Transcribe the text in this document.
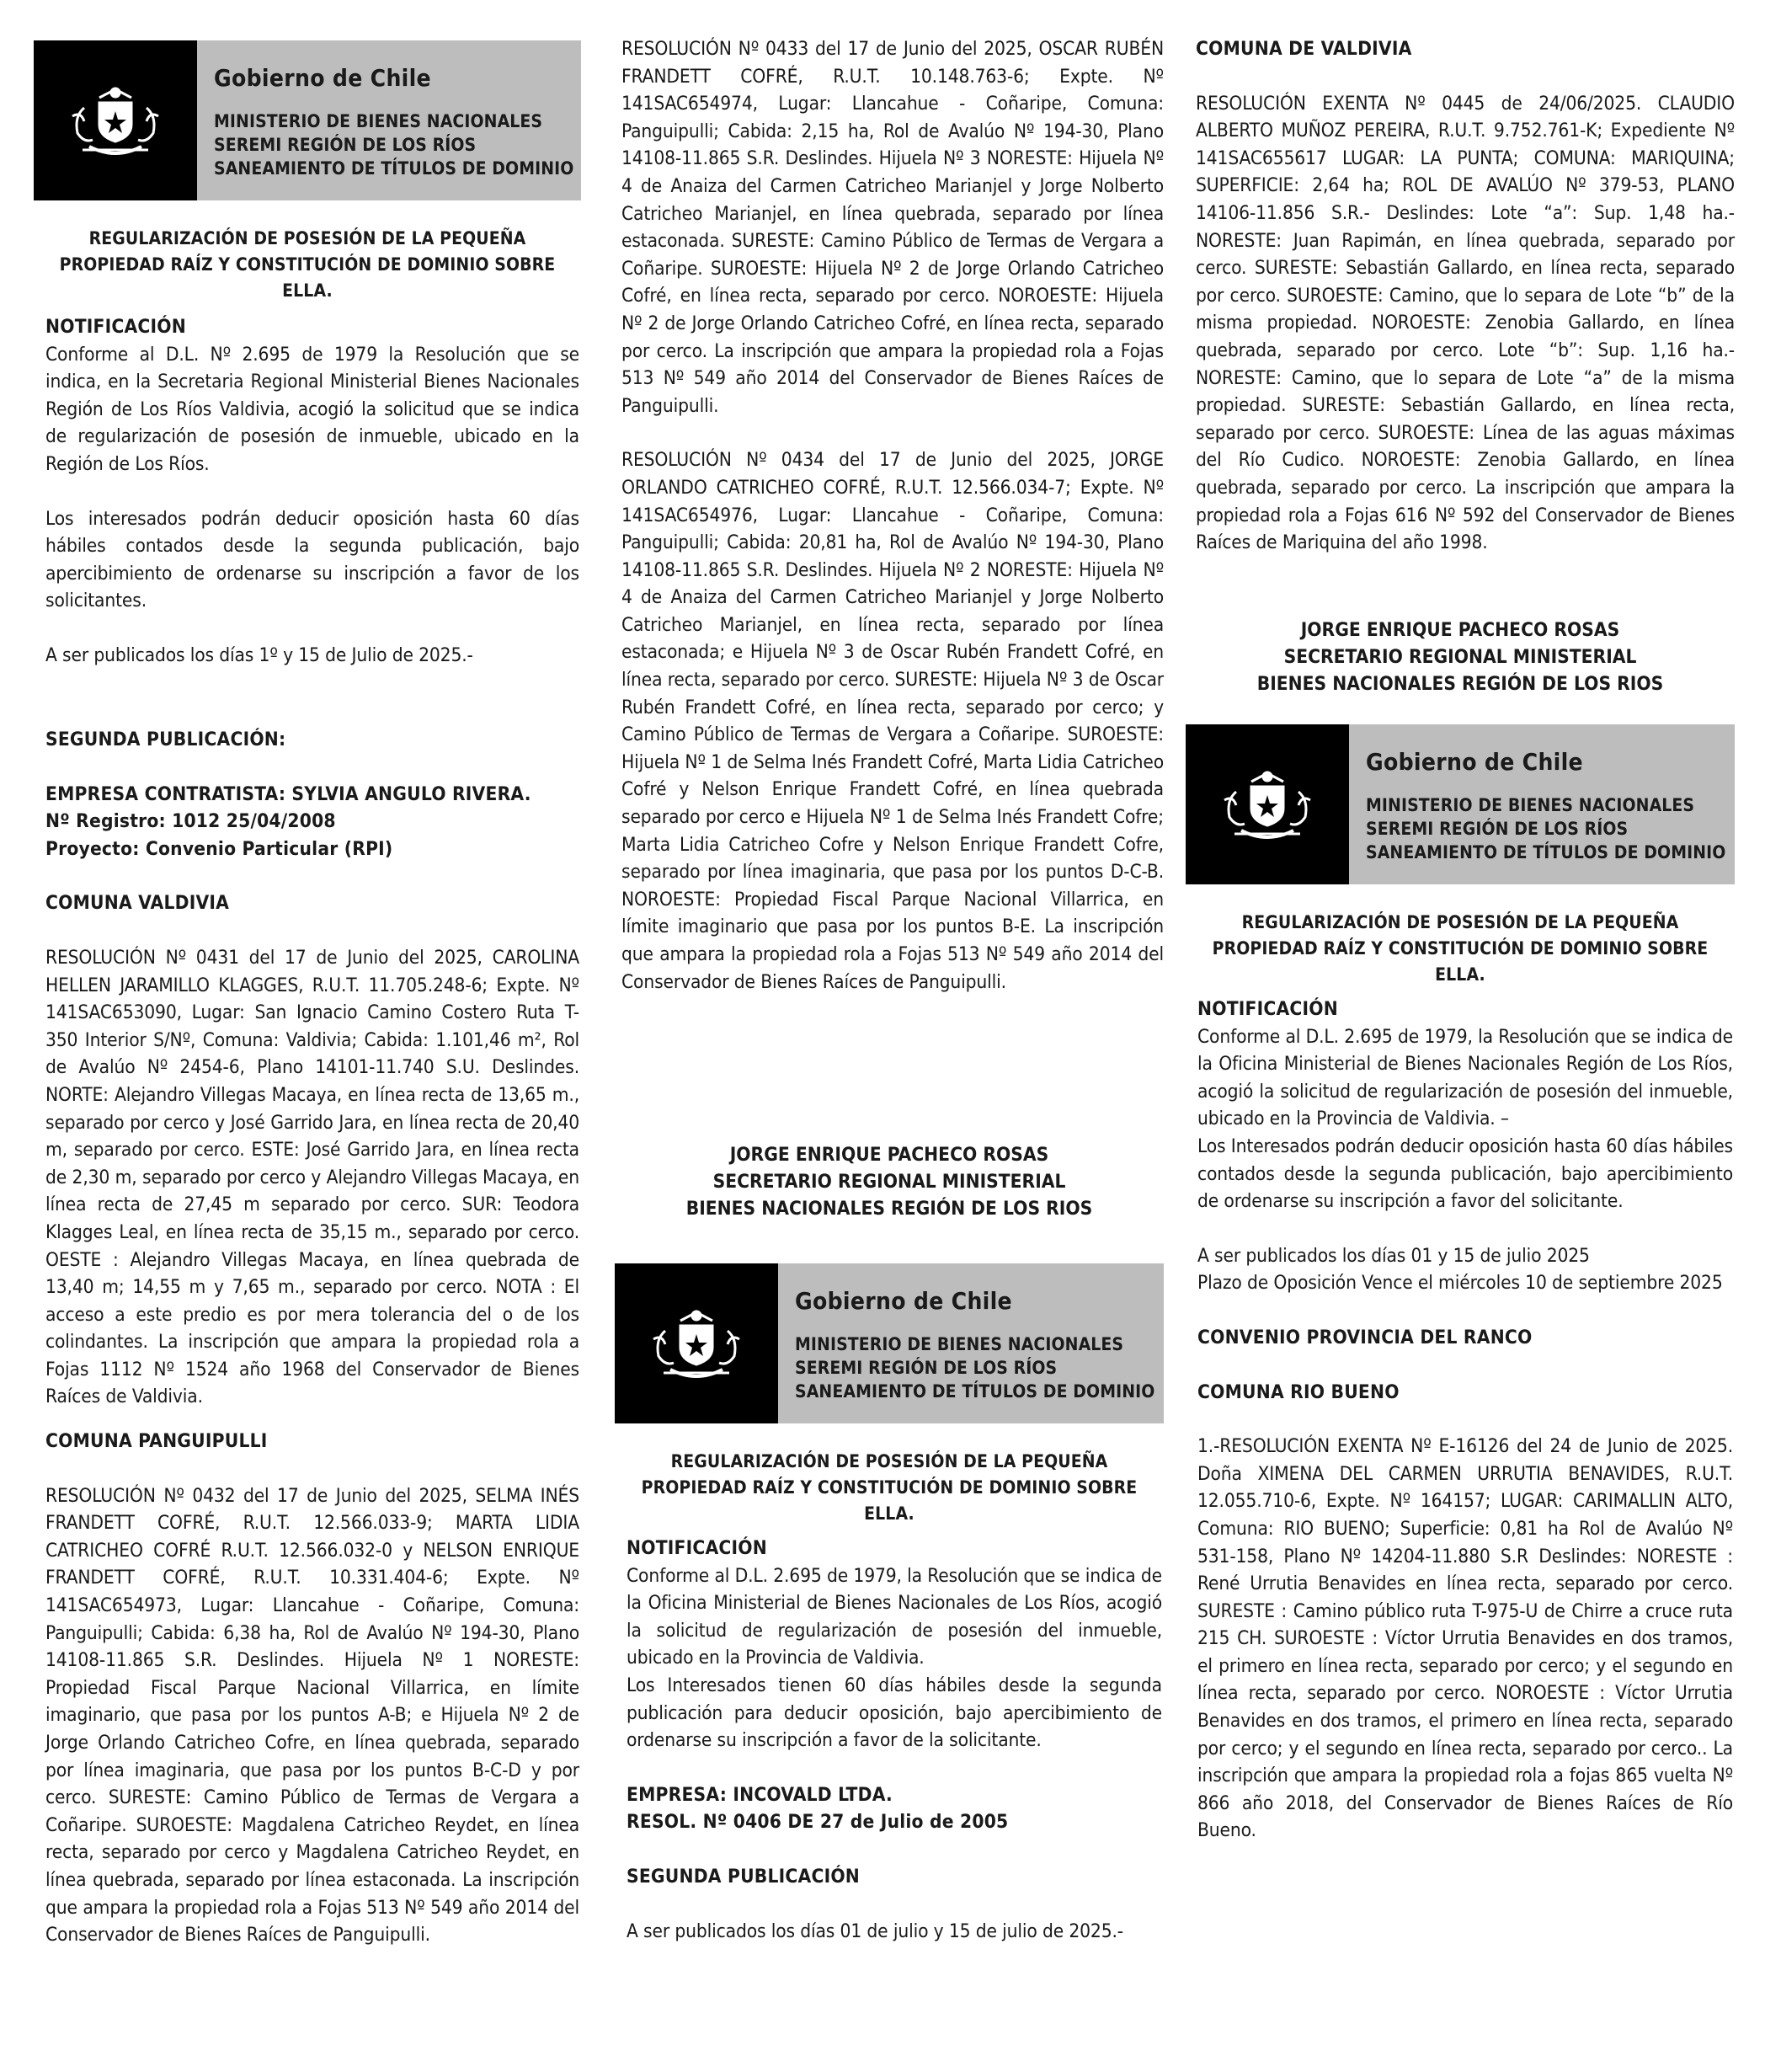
Gobierno de Chile
MINISTERIO DE BIENES NACIONALES
SEREMI REGIÓN DE LOS RÍOS
SANEAMIENTO DE TÍTULOS DE DOMINIO

REGULARIZACIÓN DE POSESIÓN DE LA PEQUEÑA

PROPIEDAD RAÍZ Y CONSTITUCIÓN DE DOMINIO SOBRE ELLA.

NOTIFICACIÓN

Conforme al D.L. Nº 2.695 de 1979 la Resolución que se indica, en la Secretaria Regional Ministerial Bienes Nacionales Región de Los Ríos Valdivia, acogió la solicitud que se indica de regularización de posesión de inmueble, ubicado en la Región de Los Ríos.

Los interesados podrán deducir oposición hasta 60 días hábiles contados desde la segunda publicación, bajo apercibimiento de ordenarse su inscripción a favor de los solicitantes.

A ser publicados los días 1º y 15 de Julio de 2025.-

SEGUNDA PUBLICACIÓN:

EMPRESA CONTRATISTA: SYLVIA ANGULO RIVERA.

Nº Registro: 1012 25/04/2008

Proyecto: Convenio Particular (RPI)

COMUNA VALDIVIA

RESOLUCIÓN Nº 0431 del 17 de Junio del 2025, CAROLINA HELLEN JARAMILLO KLAGGES, R.U.T. 11.705.248-6; Expte. Nº 141SAC653090, Lugar: San Ignacio Camino Costero Ruta T-350 Interior S/Nº, Comuna: Valdivia; Cabida: 1.101,46 m², Rol de Avalúo Nº 2454-6, Plano 14101-11.740 S.U. Deslindes. NORTE: Alejandro Villegas Macaya, en línea recta de 13,65 m., separado por cerco y José Garrido Jara, en línea recta de 20,40 m, separado por cerco. ESTE: José Garrido Jara, en línea recta de 2,30 m, separado por cerco y Alejandro Villegas Macaya, en línea recta de 27,45 m separado por cerco. SUR: Teodora Klagges Leal, en línea recta de 35,15 m., separado por cerco. OESTE : Alejandro Villegas Macaya, en línea quebrada de 13,40 m; 14,55 m y 7,65 m., separado por cerco. NOTA : El acceso a este predio es por mera tolerancia del o de los colindantes. La inscripción que ampara la propiedad rola a Fojas 1112 Nº 1524 año 1968 del Conservador de Bienes Raíces de Valdivia.

COMUNA PANGUIPULLI

RESOLUCIÓN Nº 0432 del 17 de Junio del 2025, SELMA INÉS FRANDETT COFRÉ, R.U.T. 12.566.033-9; MARTA LIDIA CATRICHEO COFRÉ R.U.T. 12.566.032-0 y NELSON ENRIQUE FRANDETT COFRÉ, R.U.T. 10.331.404-6; Expte. Nº 141SAC654973, Lugar: Llancahue - Coñaripe, Comuna: Panguipulli; Cabida: 6,38 ha, Rol de Avalúo Nº 194-30, Plano 14108-11.865 S.R. Deslindes. Hijuela Nº 1 NORESTE: Propiedad Fiscal Parque Nacional Villarrica, en límite imaginario, que pasa por los puntos A-B; e Hijuela Nº 2 de Jorge Orlando Catricheo Cofre, en línea quebrada, separado por línea imaginaria, que pasa por los puntos B-C-D y por cerco. SURESTE: Camino Público de Termas de Vergara a Coñaripe. SUROESTE: Magdalena Catricheo Reydet, en línea recta, separado por cerco y Magdalena Catricheo Reydet, en línea quebrada, separado por línea estaconada. La inscripción que ampara la propiedad rola a Fojas 513 Nº 549 año 2014 del Conservador de Bienes Raíces de Panguipulli.

RESOLUCIÓN Nº 0433 del 17 de Junio del 2025, OSCAR RUBÉN FRANDETT COFRÉ, R.U.T. 10.148.763-6; Expte. Nº 141SAC654974, Lugar: Llancahue - Coñaripe, Comuna: Panguipulli; Cabida: 2,15 ha, Rol de Avalúo Nº 194-30, Plano 14108-11.865 S.R. Deslindes. Hijuela Nº 3 NORESTE: Hijuela Nº 4 de Anaiza del Carmen Catricheo Marianjel y Jorge Nolberto Catricheo Marianjel, en línea quebrada, separado por línea estaconada. SURESTE: Camino Público de Termas de Vergara a Coñaripe. SUROESTE: Hijuela Nº 2 de Jorge Orlando Catricheo Cofré, en línea recta, separado por cerco. NOROESTE: Hijuela Nº 2 de Jorge Orlando Catricheo Cofré, en línea recta, separado por cerco. La inscripción que ampara la propiedad rola a Fojas 513 Nº 549 año 2014 del Conservador de Bienes Raíces de Panguipulli.

RESOLUCIÓN Nº 0434 del 17 de Junio del 2025, JORGE ORLANDO CATRICHEO COFRÉ, R.U.T. 12.566.034-7; Expte. Nº 141SAC654976, Lugar: Llancahue - Coñaripe, Comuna: Panguipulli; Cabida: 20,81 ha, Rol de Avalúo Nº 194-30, Plano 14108-11.865 S.R. Deslindes. Hijuela Nº 2 NORESTE: Hijuela Nº 4 de Anaiza del Carmen Catricheo Marianjel y Jorge Nolberto Catricheo Marianjel, en línea recta, separado por línea estaconada; e Hijuela Nº 3 de Oscar Rubén Frandett Cofré, en línea recta, separado por cerco. SURESTE: Hijuela Nº 3 de Oscar Rubén Frandett Cofré, en línea recta, separado por cerco; y Camino Público de Termas de Vergara a Coñaripe. SUROESTE: Hijuela Nº 1 de Selma Inés Frandett Cofré, Marta Lidia Catricheo Cofré y Nelson Enrique Frandett Cofré, en línea quebrada separado por cerco e Hijuela Nº 1 de Selma Inés Frandett Cofre; Marta Lidia Catricheo Cofre y Nelson Enrique Frandett Cofre, separado por línea imaginaria, que pasa por los puntos D-C-B. NOROESTE: Propiedad Fiscal Parque Nacional Villarrica, en límite imaginario que pasa por los puntos B-E. La inscripción que ampara la propiedad rola a Fojas 513 Nº 549 año 2014 del Conservador de Bienes Raíces de Panguipulli.

JORGE ENRIQUE PACHECO ROSAS

SECRETARIO REGIONAL MINISTERIAL

BIENES NACIONALES REGIÓN DE LOS RIOS

Gobierno de Chile
MINISTERIO DE BIENES NACIONALES
SEREMI REGIÓN DE LOS RÍOS
SANEAMIENTO DE TÍTULOS DE DOMINIO

REGULARIZACIÓN DE POSESIÓN DE LA PEQUEÑA

PROPIEDAD RAÍZ Y CONSTITUCIÓN DE DOMINIO SOBRE ELLA.

NOTIFICACIÓN

Conforme al D.L. 2.695 de 1979, la Resolución que se indica de la Oficina Ministerial de Bienes Nacionales de Los Ríos, acogió la solicitud de regularización de posesión del inmueble, ubicado en la Provincia de Valdivia.

Los Interesados tienen 60 días hábiles desde la segunda publicación para deducir oposición, bajo apercibimiento de ordenarse su inscripción a favor de la solicitante.

EMPRESA: INCOVALD LTDA.

RESOL. Nº 0406 DE 27 de Julio de 2005

SEGUNDA PUBLICACIÓN

A ser publicados los días 01 de julio y 15 de julio de 2025.-

COMUNA DE VALDIVIA

RESOLUCIÓN EXENTA Nº 0445 de 24/06/2025. CLAUDIO ALBERTO MUÑOZ PEREIRA, R.U.T. 9.752.761-K; Expediente Nº 141SAC655617 LUGAR: LA PUNTA; COMUNA: MARIQUINA; SUPERFICIE: 2,64 ha; ROL DE AVALÚO Nº 379-53, PLANO 14106-11.856 S.R.- Deslindes: Lote “a”: Sup. 1,48 ha.- NORESTE: Juan Rapimán, en línea quebrada, separado por cerco. SURESTE: Sebastián Gallardo, en línea recta, separado por cerco. SUROESTE: Camino, que lo separa de Lote “b” de la misma propiedad. NOROESTE: Zenobia Gallardo, en línea quebrada, separado por cerco. Lote “b”: Sup. 1,16 ha.- NORESTE: Camino, que lo separa de Lote “a” de la misma propiedad. SURESTE: Sebastián Gallardo, en línea recta, separado por cerco. SUROESTE: Línea de las aguas máximas del Río Cudico. NOROESTE: Zenobia Gallardo, en línea quebrada, separado por cerco. La inscripción que ampara la propiedad rola a Fojas 616 Nº 592 del Conservador de Bienes Raíces de Mariquina del año 1998.

JORGE ENRIQUE PACHECO ROSAS

SECRETARIO REGIONAL MINISTERIAL

BIENES NACIONALES REGIÓN DE LOS RIOS

Gobierno de Chile
MINISTERIO DE BIENES NACIONALES
SEREMI REGIÓN DE LOS RÍOS
SANEAMIENTO DE TÍTULOS DE DOMINIO

REGULARIZACIÓN DE POSESIÓN DE LA PEQUEÑA

PROPIEDAD RAÍZ Y CONSTITUCIÓN DE DOMINIO SOBRE ELLA.

NOTIFICACIÓN

Conforme al D.L. 2.695 de 1979, la Resolución que se indica de la Oficina Ministerial de Bienes Nacionales Región de Los Ríos, acogió la solicitud de regularización de posesión del inmueble, ubicado en la Provincia de Valdivia. –

Los Interesados podrán deducir oposición hasta 60 días hábiles contados desde la segunda publicación, bajo apercibimiento de ordenarse su inscripción a favor del solicitante.

A ser publicados los días 01 y 15 de julio 2025

Plazo de Oposición Vence el miércoles 10 de septiembre 2025

CONVENIO PROVINCIA DEL RANCO

COMUNA RIO BUENO

1.-RESOLUCIÓN EXENTA Nº E-16126 del 24 de Junio de 2025. Doña XIMENA DEL CARMEN URRUTIA BENAVIDES, R.U.T. 12.055.710-6, Expte. Nº 164157; LUGAR: CARIMALLIN ALTO, Comuna: RIO BUENO; Superficie: 0,81 ha Rol de Avalúo Nº 531-158, Plano Nº 14204-11.880 S.R Deslindes: NORESTE : René Urrutia Benavides en línea recta, separado por cerco. SURESTE : Camino público ruta T-975-U de Chirre a cruce ruta 215 CH. SUROESTE : Víctor Urrutia Benavides en dos tramos, el primero en línea recta, separado por cerco; y el segundo en línea recta, separado por cerco. NOROESTE : Víctor Urrutia Benavides en dos tramos, el primero en línea recta, separado por cerco; y el segundo en línea recta, separado por cerco.. La inscripción que ampara la propiedad rola a fojas 865 vuelta Nº 866 año 2018, del Conservador de Bienes Raíces de Río Bueno.
